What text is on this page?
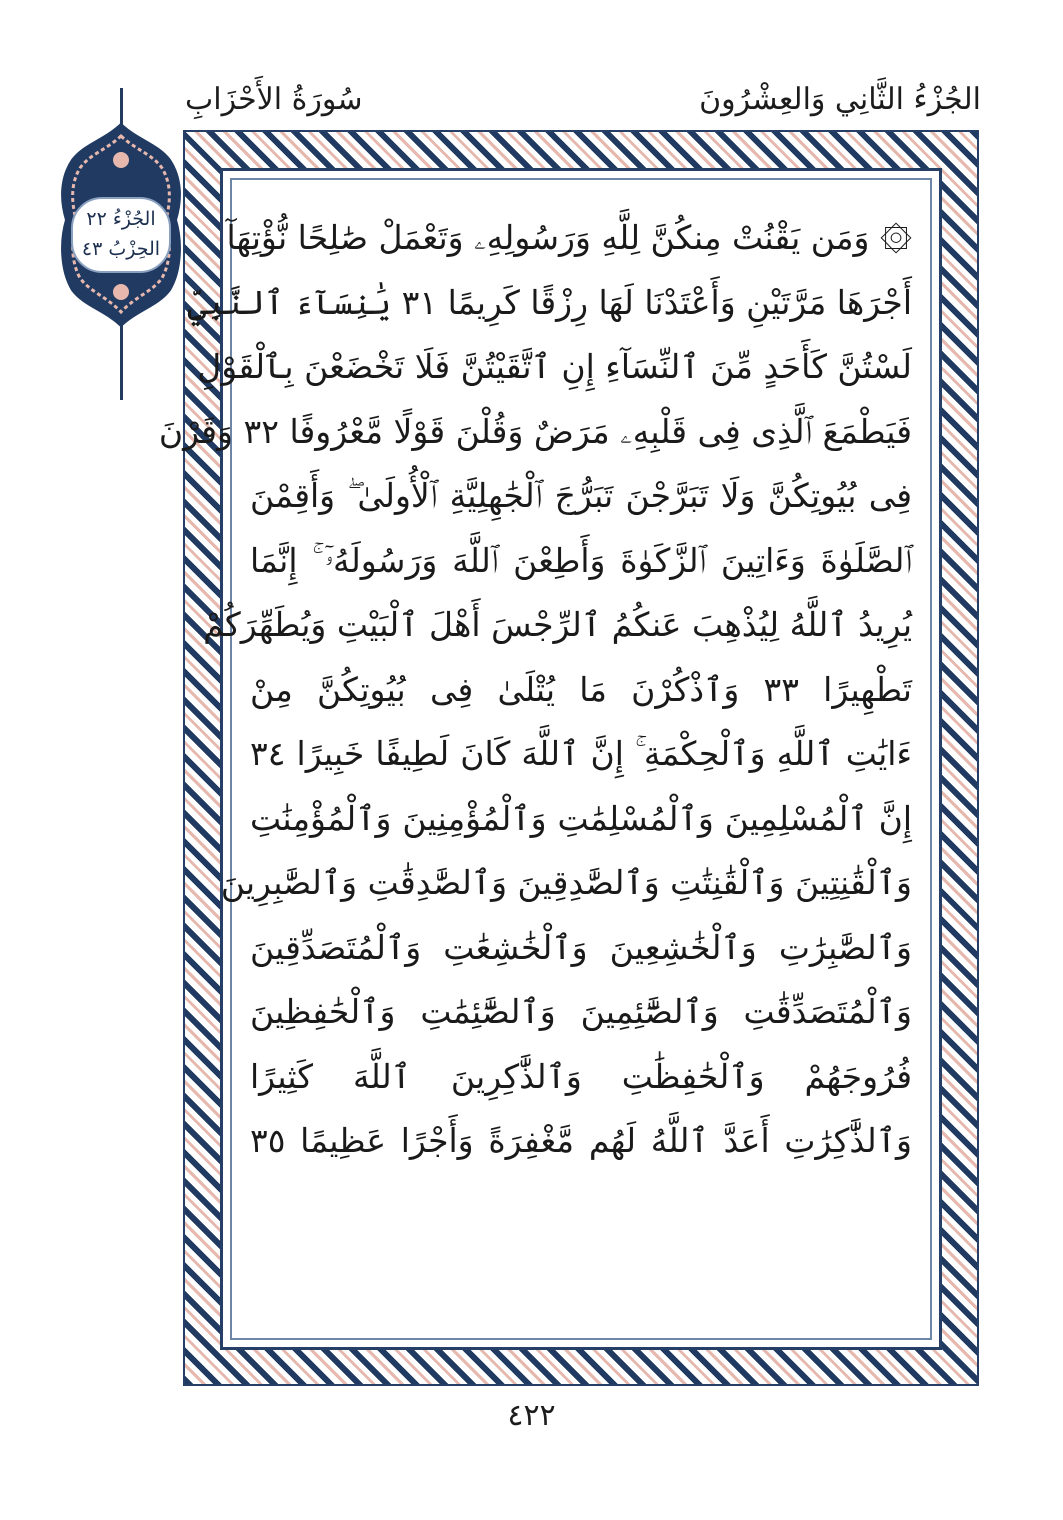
سُورَةُ الأَحْزَابِ	الجُزْءُ الثَّانِي وَالعِشْرُونَ
الجُزْءُ ٢٢
الحِزْبُ ٤٣	۞ وَمَن يَقْنُتْ مِنكُنَّ لِلَّهِ وَرَسُولِهِۦ وَتَعْمَلْ صَٰلِحًا نُّؤْتِهَآ
أَجْرَهَا مَرَّتَيْنِ وَأَعْتَدْنَا لَهَا رِزْقًا كَرِيمًا ٣١ يَٰنِسَآءَ ٱلنَّبِيِّ
لَسْتُنَّ كَأَحَدٍ مِّنَ ٱلنِّسَآءِ إِنِ ٱتَّقَيْتُنَّ فَلَا تَخْضَعْنَ بِٱلْقَوْلِ
فَيَطْمَعَ ٱلَّذِى فِى قَلْبِهِۦ مَرَضٌ وَقُلْنَ قَوْلًا مَّعْرُوفًا ٣٢ وَقَرْنَ
فِى بُيُوتِكُنَّ وَلَا تَبَرَّجْنَ تَبَرُّجَ ٱلْجَٰهِلِيَّةِ ٱلْأُولَىٰ ۖ وَأَقِمْنَ
ٱلصَّلَوٰةَ وَءَاتِينَ ٱلزَّكَوٰةَ وَأَطِعْنَ ٱللَّهَ وَرَسُولَهُۥٓ ۚ إِنَّمَا
يُرِيدُ ٱللَّهُ لِيُذْهِبَ عَنكُمُ ٱلرِّجْسَ أَهْلَ ٱلْبَيْتِ وَيُطَهِّرَكُمْ
تَطْهِيرًا ٣٣ وَٱذْكُرْنَ مَا يُتْلَىٰ فِى بُيُوتِكُنَّ مِنْ
ءَايَٰتِ ٱللَّهِ وَٱلْحِكْمَةِ ۚ إِنَّ ٱللَّهَ كَانَ لَطِيفًا خَبِيرًا ٣٤
إِنَّ ٱلْمُسْلِمِينَ وَٱلْمُسْلِمَٰتِ وَٱلْمُؤْمِنِينَ وَٱلْمُؤْمِنَٰتِ
وَٱلْقَٰنِتِينَ وَٱلْقَٰنِتَٰتِ وَٱلصَّٰدِقِينَ وَٱلصَّٰدِقَٰتِ وَٱلصَّٰبِرِينَ
وَٱلصَّٰبِرَٰتِ وَٱلْخَٰشِعِينَ وَٱلْخَٰشِعَٰتِ وَٱلْمُتَصَدِّقِينَ
وَٱلْمُتَصَدِّقَٰتِ وَٱلصَّٰٓئِمِينَ وَٱلصَّٰٓئِمَٰتِ وَٱلْحَٰفِظِينَ
فُرُوجَهُمْ وَٱلْحَٰفِظَٰتِ وَٱلذَّٰكِرِينَ ٱللَّهَ كَثِيرًا
وَٱلذَّٰكِرَٰتِ أَعَدَّ ٱللَّهُ لَهُم مَّغْفِرَةً وَأَجْرًا عَظِيمًا ٣٥
٤٢٢
